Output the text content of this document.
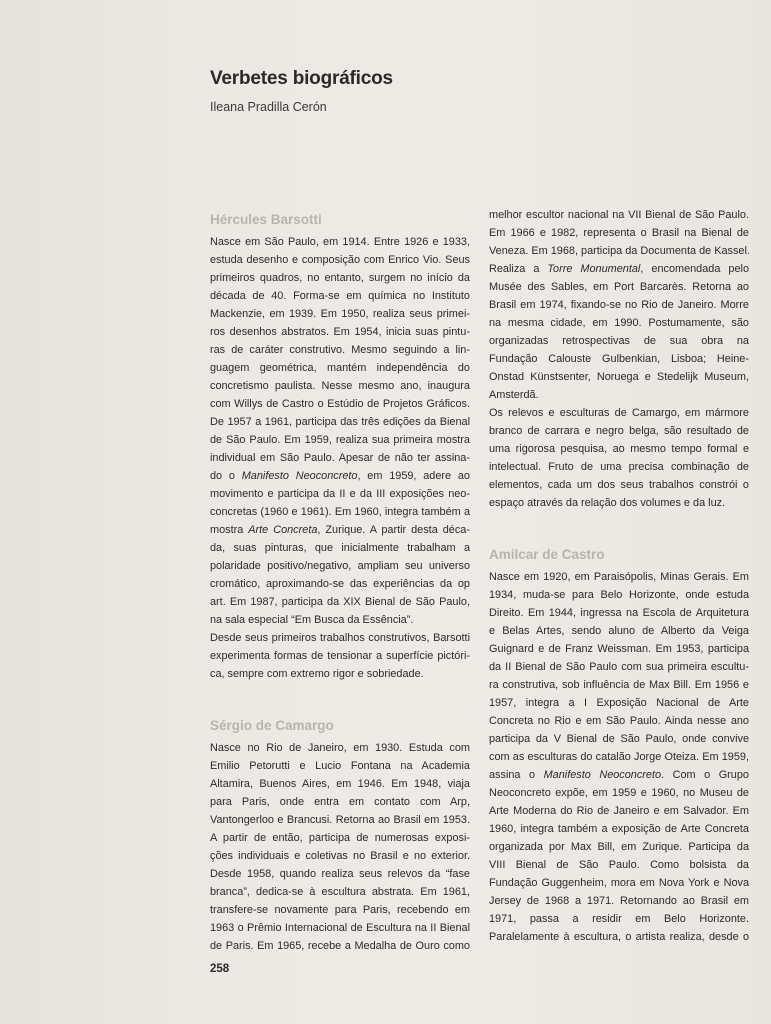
Verbetes biográficos
Ileana Pradilla Cerón
Hércules Barsotti
Nasce em São Paulo, em 1914. Entre 1926 e 1933,
estuda desenho e composição com Enrico Vio. Seus
primeiros quadros, no entanto, surgem no início da
década de 40. Forma-se em química no Instituto
Mackenzie, em 1939. Em 1950, realiza seus primei-
ros desenhos abstratos. Em 1954, inicia suas pintu-
ras de caráter construtivo. Mesmo seguindo a lin-
guagem geométrica, mantém independência do
concretismo paulista. Nesse mesmo ano, inaugura
com Willys de Castro o Estúdio de Projetos Gráficos.
De 1957 a 1961, participa das três edições da Bienal
de São Paulo. Em 1959, realiza sua primeira mostra
individual em São Paulo. Apesar de não ter assina-
do o Manifesto Neoconcreto, em 1959, adere ao
movimento e participa da II e da III exposições neo-
concretas (1960 e 1961). Em 1960, integra também a
mostra Arte Concreta, Zurique. A partir desta déca-
da, suas pinturas, que inicialmente trabalham a
polaridade positivo/negativo, ampliam seu universo
cromático, aproximando-se das experiências da op
art. Em 1987, participa da XIX Bienal de São Paulo,
na sala especial “Em Busca da Essência”.
Desde seus primeiros trabalhos construtivos, Barsotti
experimenta formas de tensionar a superfície pictóri-
ca, sempre com extremo rigor e sobriedade.
Sérgio de Camargo
Nasce no Rio de Janeiro, em 1930. Estuda com
Emilio Petorutti e Lucio Fontana na Academia
Altamira, Buenos Aires, em 1946. Em 1948, viaja
para Paris, onde entra em contato com Arp,
Vantongerloo e Brancusi. Retorna ao Brasil em 1953.
A partir de então, participa de numerosas exposi-
ções individuais e coletivas no Brasil e no exterior.
Desde 1958, quando realiza seus relevos da “fase
branca”, dedica-se à escultura abstrata. Em 1961,
transfere-se novamente para Paris, recebendo em
1963 o Prêmio Internacional de Escultura na II Bienal
de Paris. Em 1965, recebe a Medalha de Ouro como
melhor escultor nacional na VII Bienal de São Paulo.
Em 1966 e 1982, representa o Brasil na Bienal de
Veneza. Em 1968, participa da Documenta de Kassel.
Realiza a Torre Monumental, encomendada pelo
Musée des Sables, em Port Barcarès. Retorna ao
Brasil em 1974, fixando-se no Rio de Janeiro. Morre
na mesma cidade, em 1990. Postumamente, são
organizadas retrospectivas de sua obra na
Fundação Calouste Gulbenkian, Lisboa; Heine-
Onstad Künstsenter, Noruega e Stedelijk Museum,
Amsterdã.
Os relevos e esculturas de Camargo, em mármore
branco de carrara e negro belga, são resultado de
uma rigorosa pesquisa, ao mesmo tempo formal e
intelectual. Fruto de uma precisa combinação de
elementos, cada um dos seus trabalhos constrói o
espaço através da relação dos volumes e da luz.
Amilcar de Castro
Nasce em 1920, em Paraisópolis, Minas Gerais. Em
1934, muda-se para Belo Horizonte, onde estuda
Direito. Em 1944, ingressa na Escola de Arquitetura
e Belas Artes, sendo aluno de Alberto da Veiga
Guignard e de Franz Weissman. Em 1953, participa
da II Bienal de São Paulo com sua primeira escultu-
ra construtiva, sob influência de Max Bill. Em 1956 e
1957, integra a I Exposição Nacional de Arte
Concreta no Rio e em São Paulo. Ainda nesse ano
participa da V Bienal de São Paulo, onde convive
com as esculturas do catalão Jorge Oteiza. Em 1959,
assina o Manifesto Neoconcreto. Com o Grupo
Neoconcreto expõe, em 1959 e 1960, no Museu de
Arte Moderna do Rio de Janeiro e em Salvador. Em
1960, integra também a exposição de Arte Concreta
organizada por Max Bill, em Zurique. Participa da
VIII Bienal de São Paulo. Como bolsista da
Fundação Guggenheim, mora em Nova York e Nova
Jersey de 1968 a 1971. Retornando ao Brasil em
1971, passa a residir em Belo Horizonte.
Paralelamente à escultura, o artista realiza, desde o
258
